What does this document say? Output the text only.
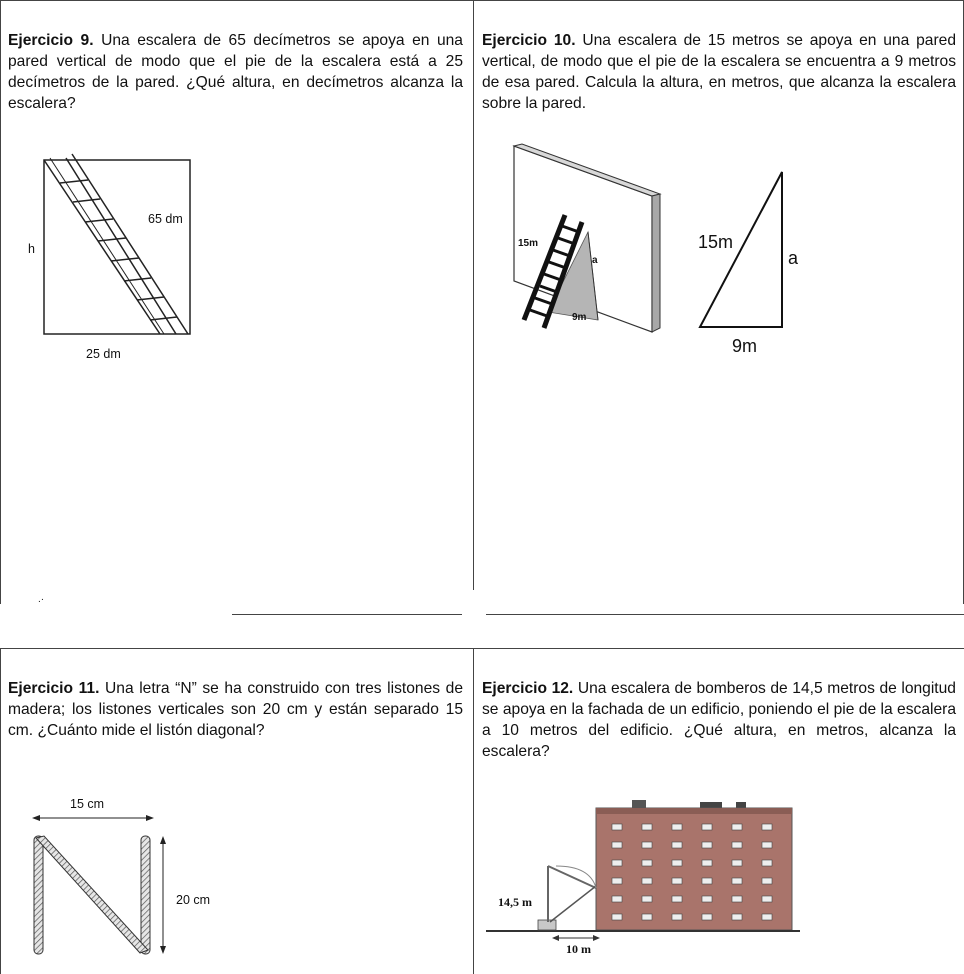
Ejercicio 9. Una escalera de 65 decímetros se apoya en una pared vertical de modo que el pie de la escalera está a 25 decímetros de la pared. ¿Qué altura, en decímetros alcanza la escalera?

h
65 dm
25 dm

Ejercicio 10. Una escalera de 15 metros se apoya en una pared vertical, de modo que el pie de la escalera se encuentra a 9 metros de esa pared. Calcula la altura, en metros, que alcanza la escalera sobre la pared.

15m
a
9m
15m
a
9m
.·

Ejercicio 11. Una letra “N” se ha construido con tres listones de madera; los listones verticales son 20 cm y están separado 15 cm. ¿Cuánto mide el listón diagonal?

15 cm
20 cm

Ejercicio 12. Una escalera de bomberos de 14,5 metros de longitud se apoya en la fachada de un edificio, poniendo el pie de la escalera a 10 metros del edificio. ¿Qué altura, en metros, alcanza la escalera?

14,5 m
10 m
